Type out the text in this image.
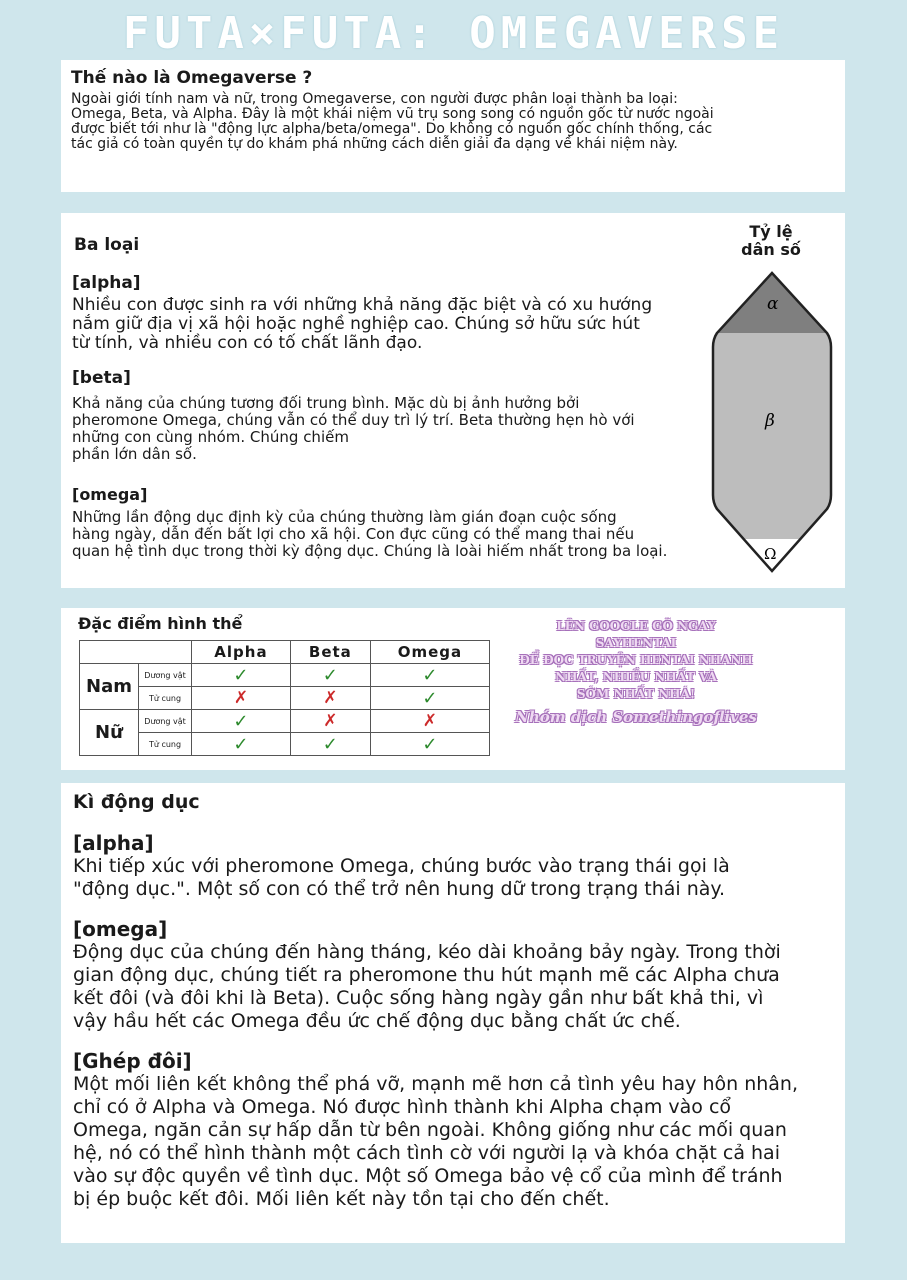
FUTA×FUTA: OMEGAVERSE
Thế nào là Omegaverse ?
Ngoài giới tính nam và nữ, trong Omegaverse, con người được phân loại thành ba loại:
Omega, Beta, và Alpha. Đây là một khái niệm vũ trụ song song có nguồn gốc từ nước ngoài
được biết tới như là "động lực alpha/beta/omega". Do không có nguồn gốc chính thống, các
tác giả có toàn quyền tự do khám phá những cách diễn giải đa dạng về khái niệm này.
Ba loại
[alpha]
Nhiều con được sinh ra với những khả năng đặc biệt và có xu hướng
nắm giữ địa vị xã hội hoặc nghề nghiệp cao. Chúng sở hữu sức hút
từ tính, và nhiều con có tố chất lãnh đạo.
[beta]
Khả năng của chúng tương đối trung bình. Mặc dù bị ảnh hưởng bởi
pheromone Omega, chúng vẫn có thể duy trì lý trí. Beta thường hẹn hò với
những con cùng nhóm. Chúng chiếm
phần lớn dân số.
[omega]
Những lần động dục định kỳ của chúng thường làm gián đoạn cuộc sống
hàng ngày, dẫn đến bất lợi cho xã hội. Con đực cũng có thể mang thai nếu
quan hệ tình dục trong thời kỳ động dục. Chúng là loài hiếm nhất trong ba loại.
Tỷ lệ
dân số
α
β
Ω
Đặc điểm hình thể
		Alpha	Beta	Omega
Nam	Dương vật	✓	✓	✓
	Tử cung	✗	✗	✓
Nữ	Dương vật	✓	✗	✗
	Tử cung	✓	✓	✓
LÊN GOOGLE GÕ NGAY
SAYHENTAI
ĐỂ ĐỌC TRUYỆN HENTAI NHANH
NHẤT, NHIỀU NHẤT VÀ
SỚM NHẤT NHÁ!
Nhóm dịch Somethingoflives
Kì động dục
[alpha]
Khi tiếp xúc với pheromone Omega, chúng bước vào trạng thái gọi là
"động dục.". Một số con có thể trở nên hung dữ trong trạng thái này.
[omega]
Động dục của chúng đến hàng tháng, kéo dài khoảng bảy ngày. Trong thời
gian động dục, chúng tiết ra pheromone thu hút mạnh mẽ các Alpha chưa
kết đôi (và đôi khi là Beta). Cuộc sống hàng ngày gần như bất khả thi, vì
vậy hầu hết các Omega đều ức chế động dục bằng chất ức chế.
[Ghép đôi]
Một mối liên kết không thể phá vỡ, mạnh mẽ hơn cả tình yêu hay hôn nhân,
chỉ có ở Alpha và Omega. Nó được hình thành khi Alpha chạm vào cổ
Omega, ngăn cản sự hấp dẫn từ bên ngoài. Không giống như các mối quan
hệ, nó có thể hình thành một cách tình cờ với người lạ và khóa chặt cả hai
vào sự độc quyền về tình dục. Một số Omega bảo vệ cổ của mình để tránh
bị ép buộc kết đôi. Mối liên kết này tồn tại cho đến chết.
